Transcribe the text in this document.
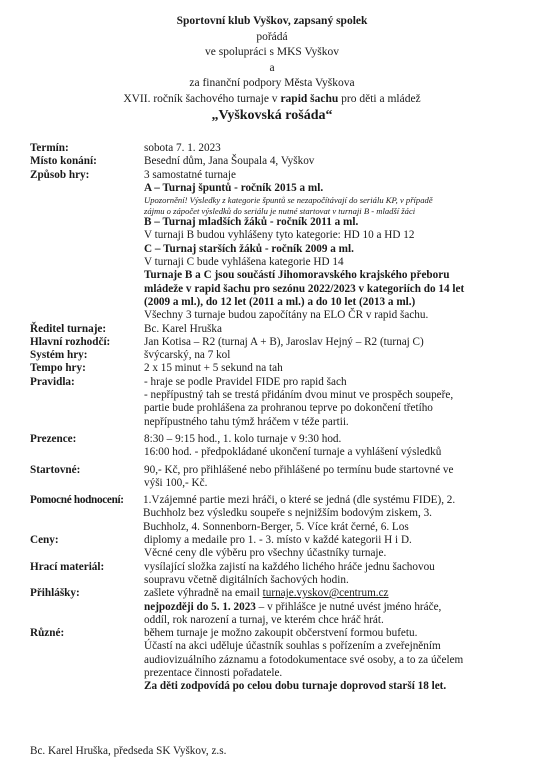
Sportovní klub Vyškov, zapsaný spolek
pořádá
ve spolupráci s MKS Vyškov
a
za finanční podpory Města Vyškova
XVII. ročník šachového turnaje v rapid šachu pro děti a mládež
„Vyškovská rošáda“
Termín:	sobota 7. 1. 2023
Místo konání:	Besední dům, Jana Šoupala 4, Vyškov
Způsob hry:	3 samostatné turnaje

A – Turnaj špuntů - ročník 2015 a ml.

Upozornění! Výsledky z kategorie špuntů se nezapočítávají do seriálu KP, v případě

zájmu o zápočet výsledků do seriálu je nutné startovat v turnaji B - mladší žáci

B – Turnaj mladších žáků - ročník 2011 a ml.

V turnaji B budou vyhlášeny tyto kategorie: HD 10 a HD 12

C – Turnaj starších žáků - ročník 2009 a ml.

V turnaji C bude vyhlášena kategorie HD 14

Turnaje B a C jsou součástí Jihomoravského krajského přeboru

mládeže v rapid šachu pro sezónu 2022/2023 v kategoriích do 14 let

(2009 a ml.), do 12 let (2011 a ml.) a do 10 let (2013 a ml.)

Všechny 3 turnaje budou započítány na ELO ČR v rapid šachu.

Ředitel turnaje:	Bc. Karel Hruška
Hlavní rozhodčí:	Jan Kotisa – R2 (turnaj A + B), Jaroslav Hejný – R2 (turnaj C)
Systém hry:	švýcarský, na 7 kol
Tempo hry:	2 x 15 minut + 5 sekund na tah
Pravidla:	- hraje se podle Pravidel FIDE pro rapid šach

- nepřípustný tah se trestá přidáním dvou minut ve prospěch soupeře,

partie bude prohlášena za prohranou teprve po dokončení třetího

nepřípustného tahu týmž hráčem v téže partii.

Prezence:	8:30 – 9:15 hod., 1. kolo turnaje v 9:30 hod.

16:00 hod. - předpokládané ukončení turnaje a vyhlášení výsledků

Startovné:	90,- Kč, pro přihlášené nebo přihlášené po termínu bude startovné ve

výši 100,- Kč.

Pomocné hodnocení:	1.Vzájemné partie mezi hráči, o které se jedná (dle systému FIDE), 2.

Buchholz bez výsledku soupeře s nejnižším bodovým ziskem, 3.

Buchholz, 4. Sonnenborn-Berger, 5. Více krát černé, 6. Los

Ceny:	diplomy a medaile pro 1. - 3. místo v každé kategorii H i D.

Věcné ceny dle výběru pro všechny účastníky turnaje.

Hrací materiál:	vysílající složka zajistí na každého lichého hráče jednu šachovou

soupravu včetně digitálních šachových hodin.

Přihlášky:	zašlete výhradně na email turnaje.vyskov@centrum.cz

nejpozději do 5. 1. 2023 – v přihlášce je nutné uvést jméno hráče,

oddíl, rok narození a turnaj, ve kterém chce hráč hrát.

Různé:	během turnaje je možno zakoupit občerstvení formou bufetu.

Účastí na akci uděluje účastník souhlas s pořízením a zveřejněním

audiovizuálního záznamu a fotodokumentace své osoby, a to za účelem

prezentace činnosti pořadatele.

Za děti zodpovídá po celou dobu turnaje doprovod starší 18 let.

Bc. Karel Hruška, předseda SK Vyškov, z.s.
